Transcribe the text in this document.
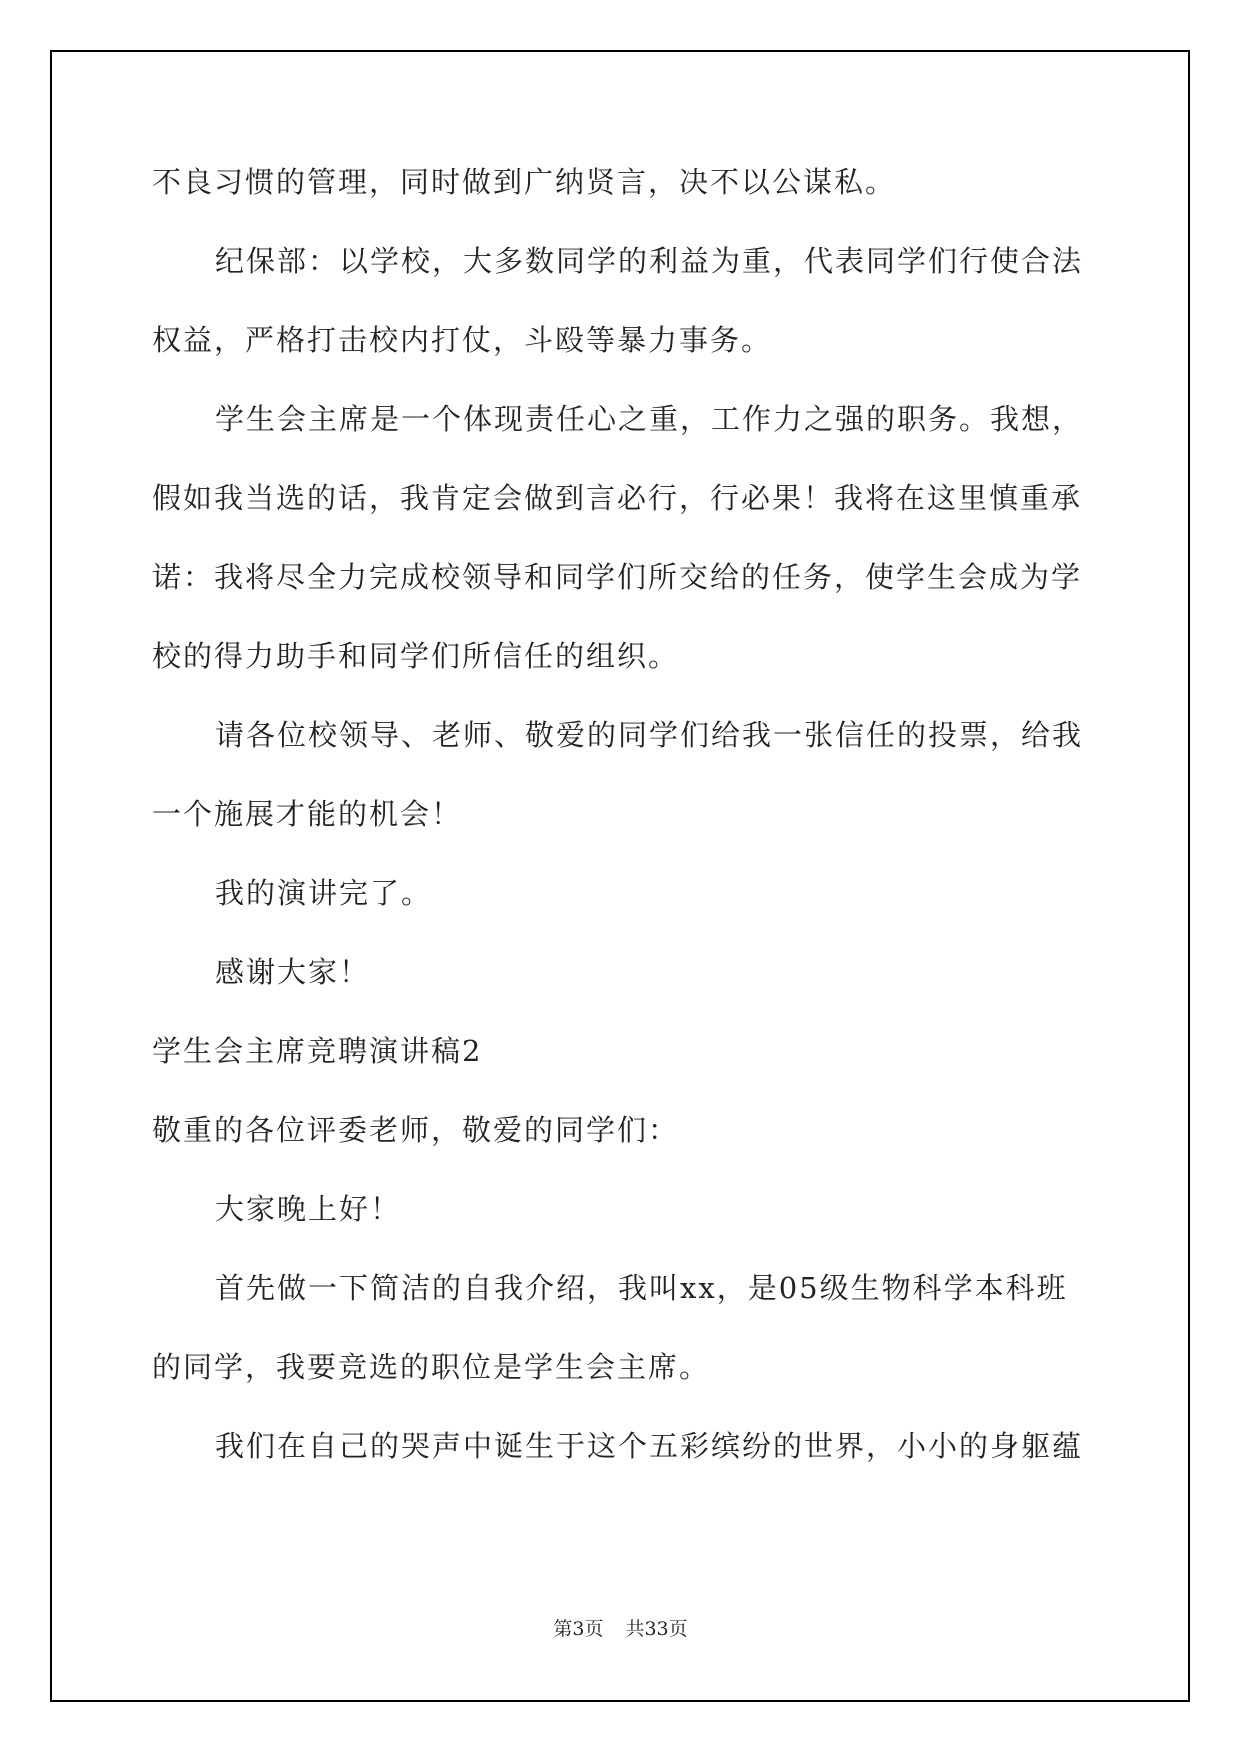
不良习惯的管理，同时做到广纳贤言，决不以公谋私。
纪保部：以学校，大多数同学的利益为重，代表同学们行使合法
权益，严格打击校内打仗，斗殴等暴力事务。
学生会主席是一个体现责任心之重，工作力之强的职务。我想，
假如我当选的话，我肯定会做到言必行，行必果！我将在这里慎重承
诺：我将尽全力完成校领导和同学们所交给的任务，使学生会成为学
校的得力助手和同学们所信任的组织。
请各位校领导、老师、敬爱的同学们给我一张信任的投票，给我
一个施展才能的机会！
我的演讲完了。
感谢大家！
学生会主席竞聘演讲稿2
敬重的各位评委老师，敬爱的同学们：
大家晚上好！
首先做一下简洁的自我介绍，我叫xx，是05级生物科学本科班
的同学，我要竞选的职位是学生会主席。
我们在自己的哭声中诞生于这个五彩缤纷的世界，小小的身躯蕴
第3页 共33页
